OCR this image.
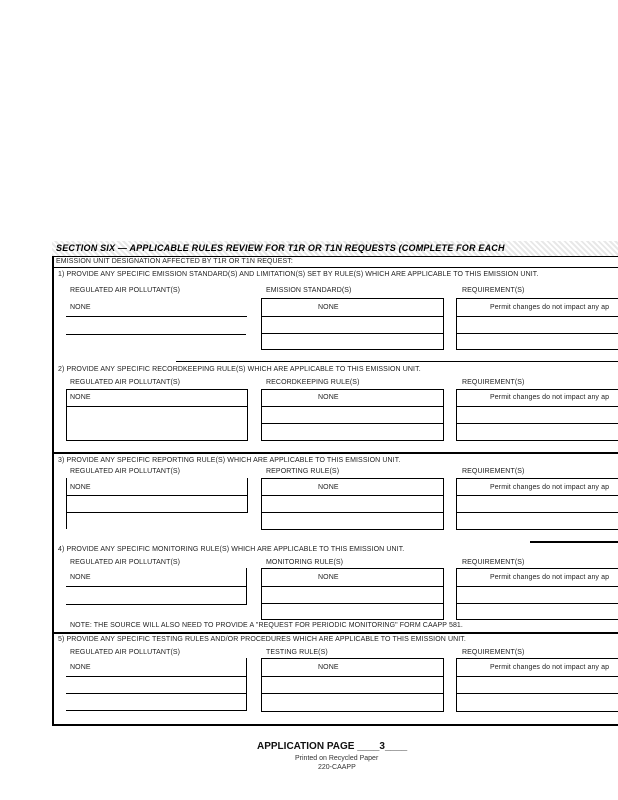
SECTION SIX — APPLICABLE RULES REVIEW FOR T1R OR T1N REQUESTS (COMPLETE FOR EACH
EMISSION UNIT DESIGNATION AFFECTED BY T1R OR T1N REQUEST:
1) PROVIDE ANY SPECIFIC EMISSION STANDARD(S) AND LIMITATION(S) SET BY RULE(S) WHICH ARE APPLICABLE TO THIS EMISSION UNIT.
REGULATED AIR POLLUTANT(S)	EMISSION STANDARD(S)	REQUIREMENT(S)
NONE	NONE	Permit changes do not impact any ap
2) PROVIDE ANY SPECIFIC RECORDKEEPING RULE(S) WHICH ARE APPLICABLE TO THIS EMISSION UNIT.
REGULATED AIR POLLUTANT(S)	RECORDKEEPING RULE(S)	REQUIREMENT(S)
NONE	NONE	Permit changes do not impact any ap
3) PROVIDE ANY SPECIFIC REPORTING RULE(S) WHICH ARE APPLICABLE TO THIS EMISSION UNIT.
REGULATED AIR POLLUTANT(S)	REPORTING RULE(S)	REQUIREMENT(S)
NONE	NONE	Permit changes do not impact any ap
4) PROVIDE ANY SPECIFIC MONITORING RULE(S) WHICH ARE APPLICABLE TO THIS EMISSION UNIT.
REGULATED AIR POLLUTANT(S)	MONITORING RULE(S)	REQUIREMENT(S)
NONE	NONE	Permit changes do not impact any ap
NOTE: THE SOURCE WILL ALSO NEED TO PROVIDE A "REQUEST FOR PERIODIC MONITORING" FORM CAAPP 581.
5) PROVIDE ANY SPECIFIC TESTING RULES AND/OR PROCEDURES WHICH ARE APPLICABLE TO THIS EMISSION UNIT.
REGULATED AIR POLLUTANT(S)	TESTING RULE(S)	REQUIREMENT(S)
NONE	NONE	Permit changes do not impact any ap
APPLICATION PAGE ____3____
Printed on Recycled Paper
220-CAAPP
